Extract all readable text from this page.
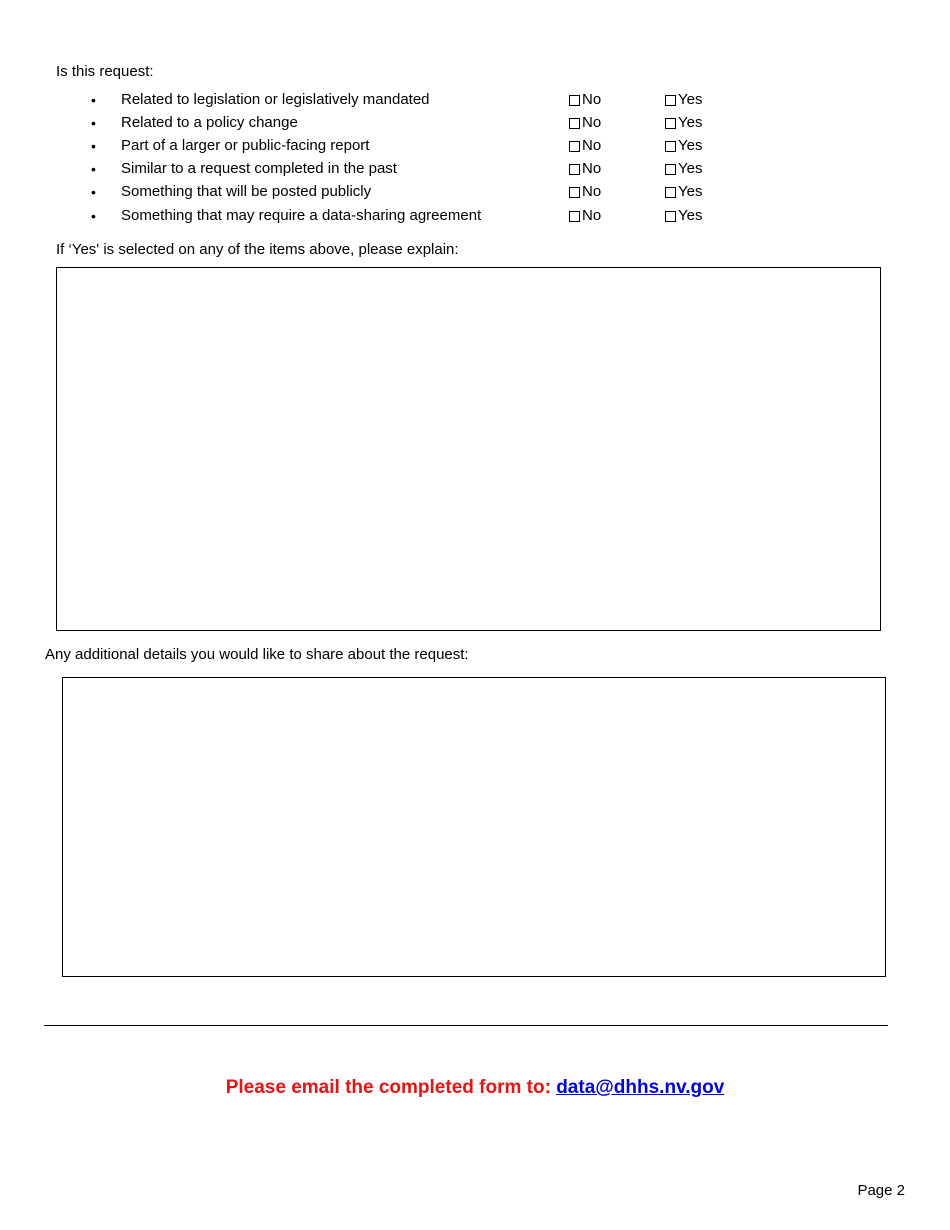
Is this request:
• Related to legislation or legislatively mandated	No	Yes
• Related to a policy change	No	Yes
• Part of a larger or public-facing report	No	Yes
• Similar to a request completed in the past	No	Yes
• Something that will be posted publicly	No	Yes
• Something that may require a data-sharing agreement	No	Yes
If ‘Yes' is selected on any of the items above, please explain:
Any additional details you would like to share about the request:
Please email the completed form to: data@dhhs.nv.gov
Page 2
